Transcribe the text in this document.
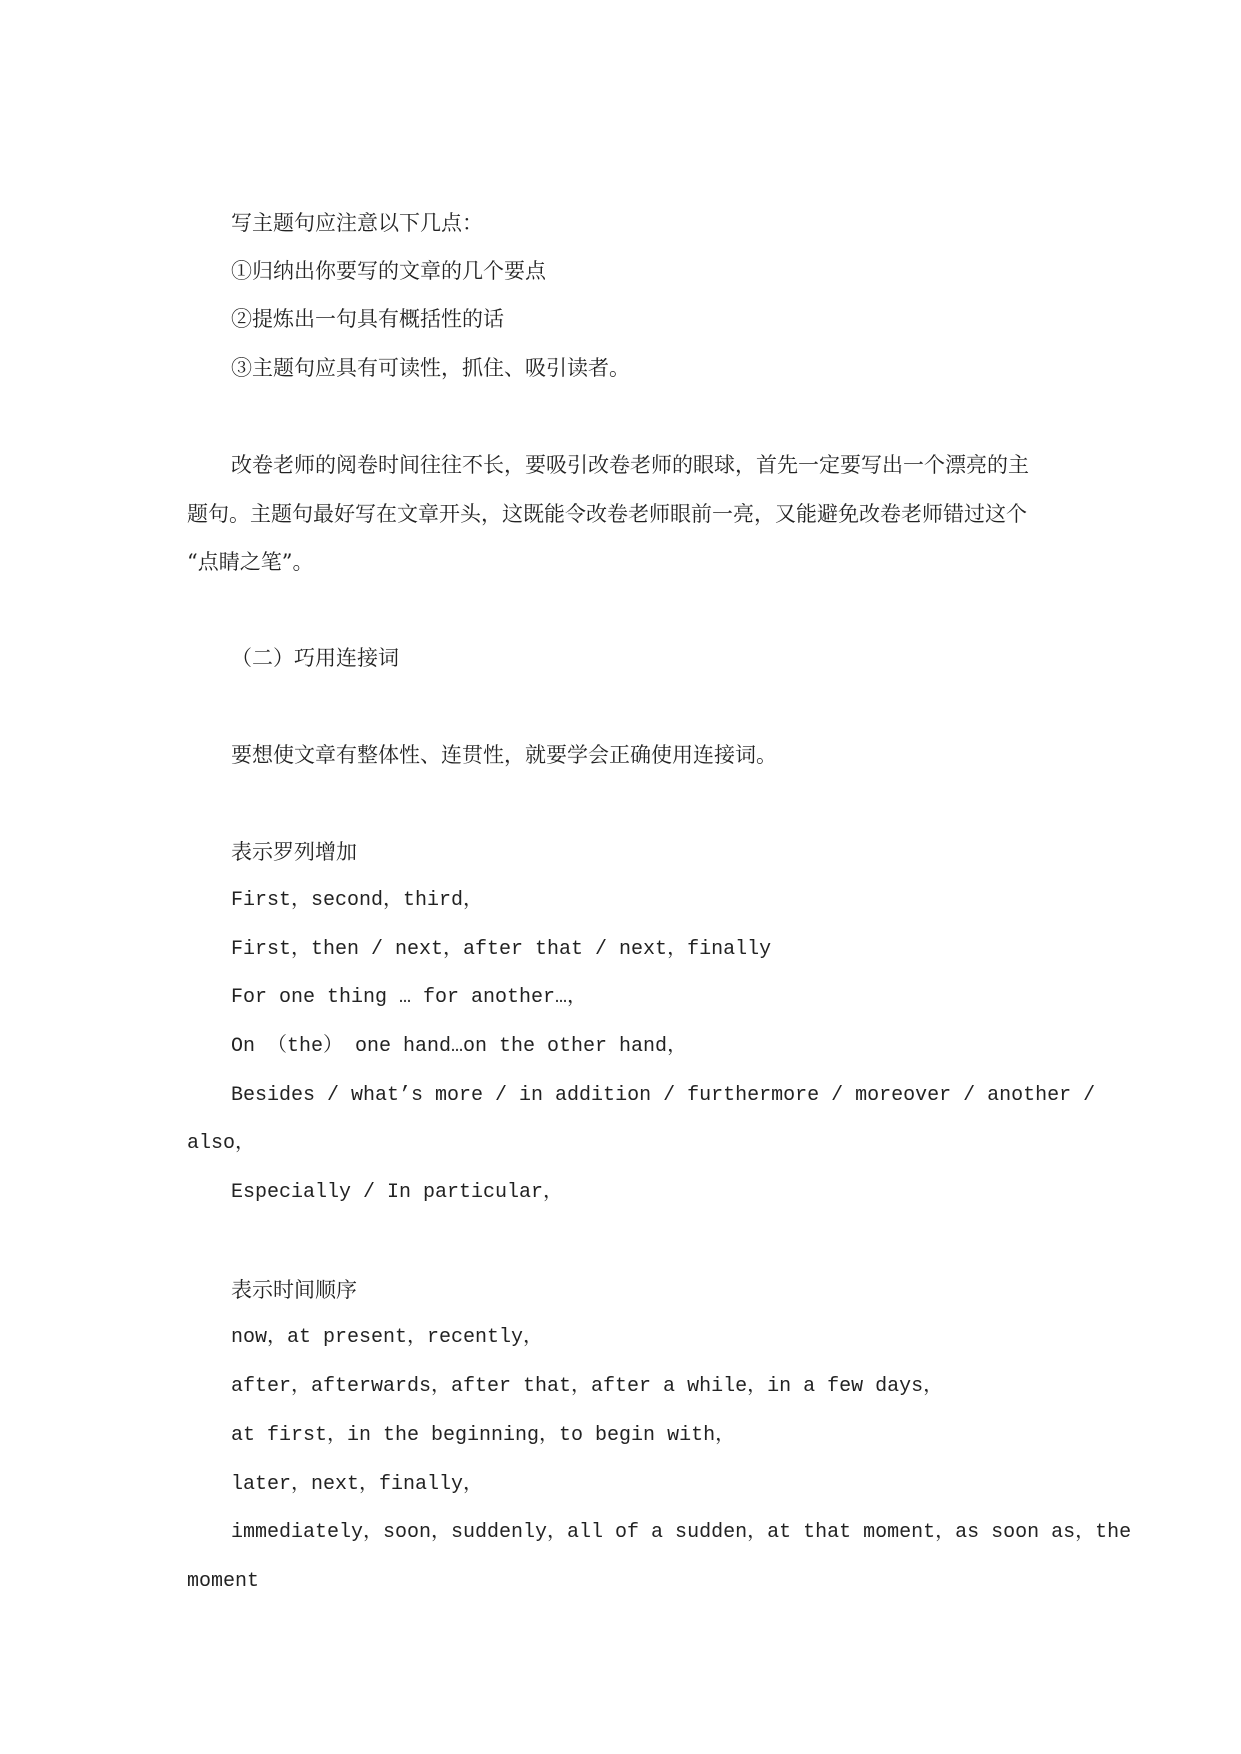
写主题句应注意以下几点：

①归纳出你要写的文章的几个要点

②提炼出一句具有概括性的话

③主题句应具有可读性，抓住、吸引读者。

改卷老师的阅卷时间往往不长，要吸引改卷老师的眼球，首先一定要写出一个漂亮的主

题句。主题句最好写在文章开头，这既能令改卷老师眼前一亮，又能避免改卷老师错过这个

“点睛之笔”。

（二）巧用连接词

要想使文章有整体性、连贯性，就要学会正确使用连接词。

表示罗列增加

First，second，third，

First，then / next，after that / next，finally

For one thing … for another…，

On （the） one hand…on the other hand，

Besides / what’s more / in addition / furthermore / moreover / another /

also，

Especially / In particular，

表示时间顺序

now，at present，recently，

after，afterwards，after that，after a while，in a few days，

at first，in the beginning，to begin with，

later，next，finally，

immediately，soon，suddenly，all of a sudden，at that moment，as soon as，the

moment
